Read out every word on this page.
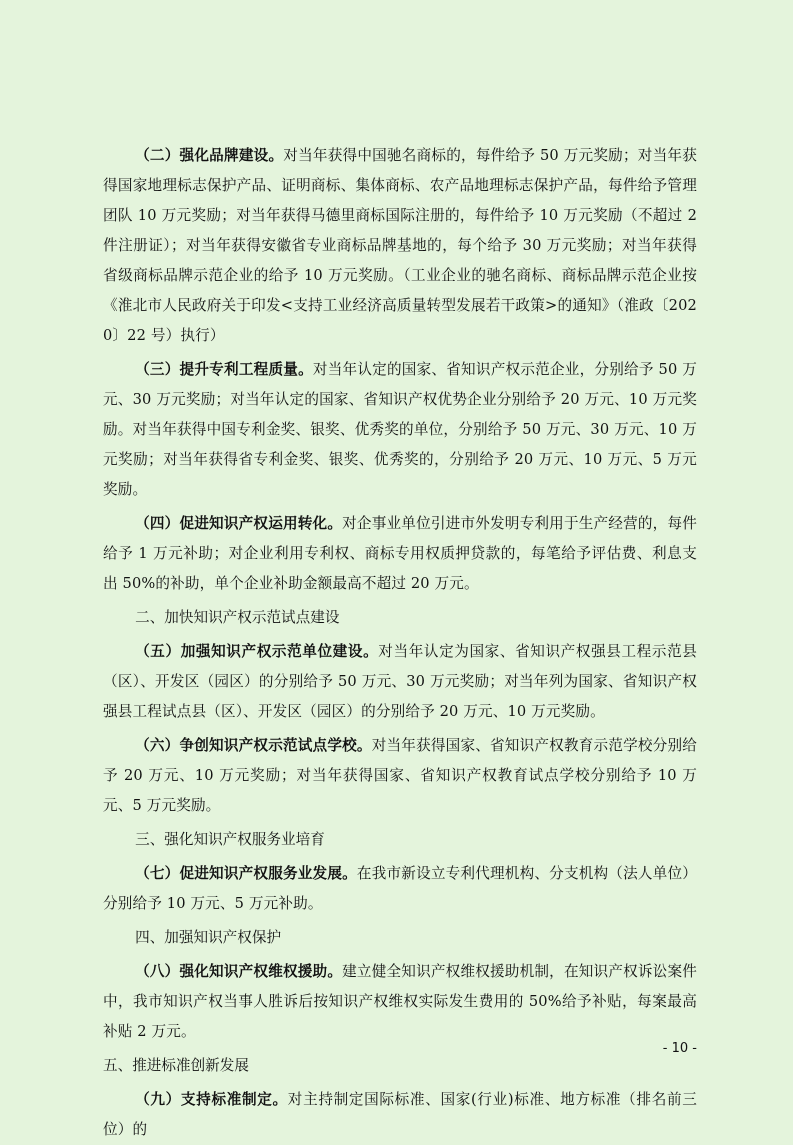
（二）强化品牌建设。对当年获得中国驰名商标的，每件给予 50 万元奖励；对当年获得国家地理标志保护产品、证明商标、集体商标、农产品地理标志保护产品，每件给予管理团队 10 万元奖励；对当年获得马德里商标国际注册的，每件给予 10 万元奖励（不超过 2 件注册证）；对当年获得安徽省专业商标品牌基地的，每个给予 30 万元奖励；对当年获得省级商标品牌示范企业的给予 10 万元奖励。（工业企业的驰名商标、商标品牌示范企业按《淮北市人民政府关于印发<支持工业经济高质量转型发展若干政策>的通知》（淮政〔2020〕22 号）执行）

（三）提升专利工程质量。对当年认定的国家、省知识产权示范企业，分别给予 50 万元、30 万元奖励；对当年认定的国家、省知识产权优势企业分别给予 20 万元、10 万元奖励。对当年获得中国专利金奖、银奖、优秀奖的单位，分别给予 50 万元、30 万元、10 万元奖励；对当年获得省专利金奖、银奖、优秀奖的，分别给予 20 万元、10 万元、5 万元奖励。

（四）促进知识产权运用转化。对企事业单位引进市外发明专利用于生产经营的，每件给予 1 万元补助；对企业利用专利权、商标专用权质押贷款的，每笔给予评估费、利息支出 50%的补助，单个企业补助金额最高不超过 20 万元。

二、加快知识产权示范试点建设

（五）加强知识产权示范单位建设。对当年认定为国家、省知识产权强县工程示范县（区）、开发区（园区）的分别给予 50 万元、30 万元奖励；对当年列为国家、省知识产权强县工程试点县（区）、开发区（园区）的分别给予 20 万元、10 万元奖励。

（六）争创知识产权示范试点学校。对当年获得国家、省知识产权教育示范学校分别给予 20 万元、10 万元奖励；对当年获得国家、省知识产权教育试点学校分别给予 10 万元、5 万元奖励。

三、强化知识产权服务业培育

（七）促进知识产权服务业发展。在我市新设立专利代理机构、分支机构（法人单位）分别给予 10 万元、5 万元补助。

四、加强知识产权保护

（八）强化知识产权维权援助。建立健全知识产权维权援助机制，在知识产权诉讼案件中，我市知识产权当事人胜诉后按知识产权维权实际发生费用的 50%给予补贴，每案最高补贴 2 万元。

五、推进标准创新发展

（九）支持标准制定。对主持制定国际标准、国家(行业)标准、地方标准（排名前三位）的

- 10 -
